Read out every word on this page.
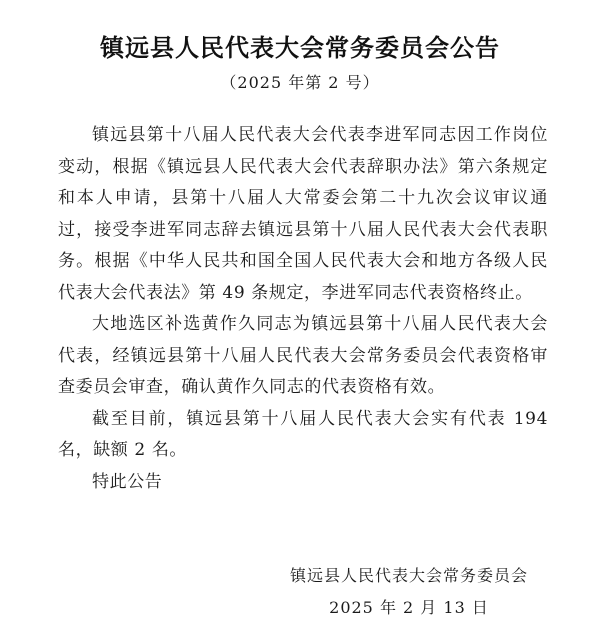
镇远县人民代表大会常务委员会公告
（2025 年第 2 号）

镇远县第十八届人民代表大会代表李进军同志因工作岗位变动，根据《镇远县人民代表大会代表辞职办法》第六条规定和本人申请，县第十八届人大常委会第二十九次会议审议通过，接受李进军同志辞去镇远县第十八届人民代表大会代表职务。根据《中华人民共和国全国人民代表大会和地方各级人民代表大会代表法》第 49 条规定，李进军同志代表资格终止。

大地选区补选黄作久同志为镇远县第十八届人民代表大会代表，经镇远县第十八届人民代表大会常务委员会代表资格审查委员会审查，确认黄作久同志的代表资格有效。

截至目前，镇远县第十八届人民代表大会实有代表 194名，缺额 2 名。

特此公告

镇远县人民代表大会常务委员会
2025 年 2 月 13 日
